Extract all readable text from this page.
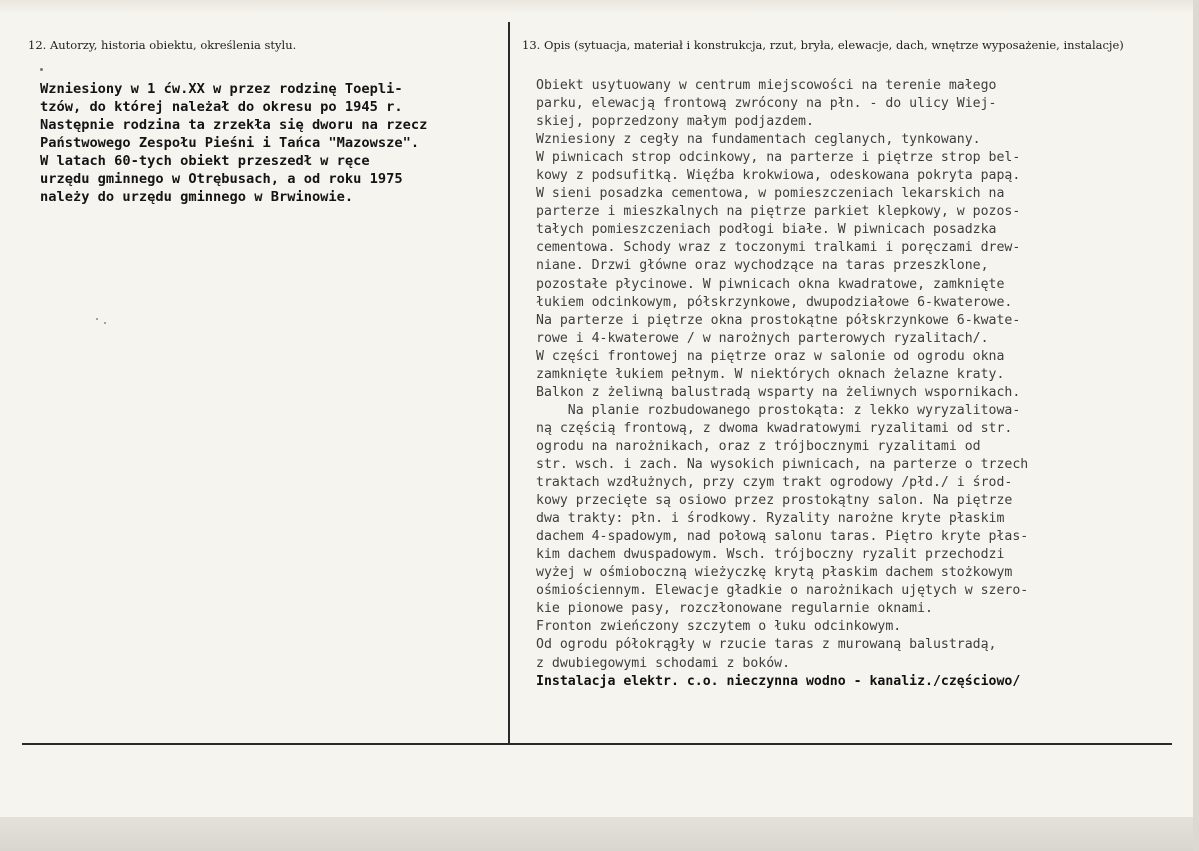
12. Autorzy, historia obiektu, określenia stylu.	13. Opis (sytuacja, materiał i konstrukcja, rzut, bryła, elewacje, dach, wnętrze wyposażenie, instalacje)
Wzniesiony w 1 ćw.XX w przez rodzinę Toepli-
tzów, do której należał do okresu po 1945 r.
Następnie rodzina ta zrzekła się dworu na rzecz
Państwowego Zespołu Pieśni i Tańca "Mazowsze".
W latach 60-tych obiekt przeszedł w ręce
urzędu gminnego w Otrębusach, a od roku 1975
należy do urzędu gminnego w Brwinowie.
Obiekt usytuowany w centrum miejscowości na terenie małego
parku, elewacją frontową zwrócony na płn. - do ulicy Wiej-
skiej, poprzedzony małym podjazdem.
Wzniesiony z cegły na fundamentach ceglanych, tynkowany.
W piwnicach strop odcinkowy, na parterze i piętrze strop bel-
kowy z podsufitką. Więźba krokwiowa, odeskowana pokryta papą.
W sieni posadzka cementowa, w pomieszczeniach lekarskich na
parterze i mieszkalnych na piętrze parkiet klepkowy, w pozos-
tałych pomieszczeniach podłogi białe. W piwnicach posadzka
cementowa. Schody wraz z toczonymi tralkami i poręczami drew-
niane. Drzwi główne oraz wychodzące na taras przeszklone,
pozostałe płycinowe. W piwnicach okna kwadratowe, zamknięte
łukiem odcinkowym, półskrzynkowe, dwupodziałowe 6-kwaterowe.
Na parterze i piętrze okna prostokątne półskrzynkowe 6-kwate-
rowe i 4-kwaterowe / w narożnych parterowych ryzalitach/.
W części frontowej na piętrze oraz w salonie od ogrodu okna
zamknięte łukiem pełnym. W niektórych oknach żelazne kraty.
Balkon z żeliwną balustradą wsparty na żeliwnych wspornikach.
Na planie rozbudowanego prostokąta: z lekko wyryzalitowa-
ną częścią frontową, z dwoma kwadratowymi ryzalitami od str.
ogrodu na narożnikach, oraz z trójbocznymi ryzalitami od
str. wsch. i zach. Na wysokich piwnicach, na parterze o trzech
traktach wzdłużnych, przy czym trakt ogrodowy /płd./ i środ-
kowy przecięte są osiowo przez prostokątny salon. Na piętrze
dwa trakty: płn. i środkowy. Ryzality narożne kryte płaskim
dachem 4-spadowym, nad połową salonu taras. Piętro kryte płas-
kim dachem dwuspadowym. Wsch. trójboczny ryzalit przechodzi
wyżej w ośmioboczną wieżyczkę krytą płaskim dachem stożkowym
ośmiościennym. Elewacje gładkie o narożnikach ujętych w szero-
kie pionowe pasy, rozczłonowane regularnie oknami.
Fronton zwieńczony szczytem o łuku odcinkowym.
Od ogrodu półokrągły w rzucie taras z murowaną balustradą,
z dwubiegowymi schodami z boków.
Instalacja elektr. c.o. nieczynna wodno - kanaliz./częściowo/
